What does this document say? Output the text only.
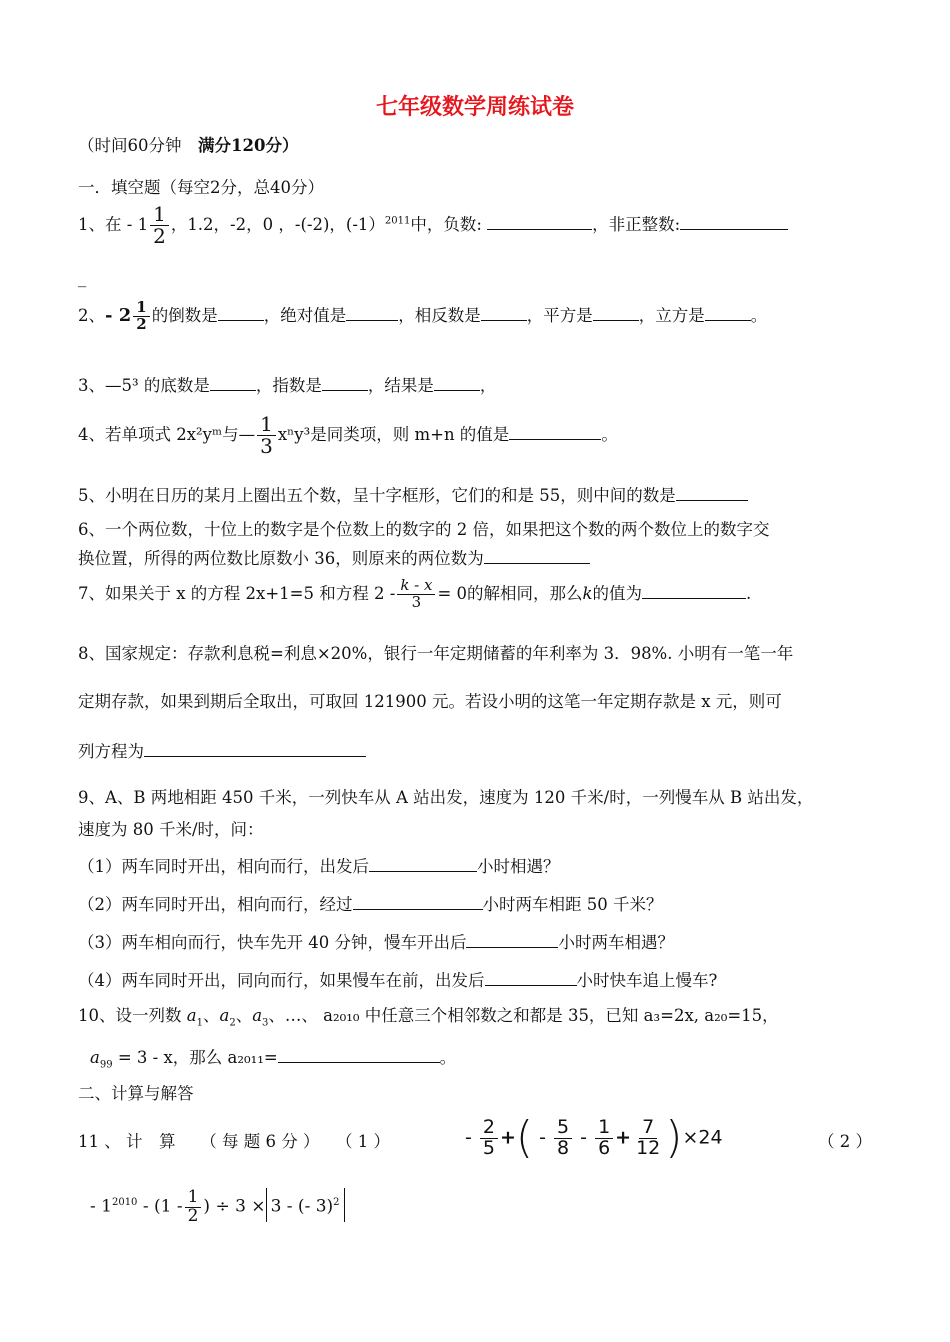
七年级数学周练试卷
（时间60分钟　 满分120分）
一．填空题（每空2分，总40分）
1、在 - $1 \frac{1}{2}$ ，1.2，-2，0 ，-(-2)，(-1）$^{2011}$中，负数:	，非正整数:
_
2、- $2 \frac{1}{2}$ 的倒数是	，绝对值是	，相反数是	，平方是	，立方是	。
3、—5³ 的底数是	，指数是	，结果是	，
4、若单项式 2x²yᵐ与— $\frac{1}{3} x^ny^3$是同类项，则 m+n 的值是	。
5、小明在日历的某月上圈出五个数，呈十字框形，它们的和是 55，则中间的数是
6、一个两位数，十位上的数字是个位数上的数字的 2 倍，如果把这个数的两个数位上的数字交
换位置，所得的两位数比原数小 36，则原来的两位数为
7、如果关于 x 的方程 2x+1=5 和方程 $2 - \frac{k - x}{3} = 0$的解相同，那么k的值为	.
8、国家规定：存款利息税=利息×20%，银行一年定期储蓄的年利率为 3．98%. 小明有一笔一年
定期存款，如果到期后全取出，可取回 121900 元。若设小明的这笔一年定期存款是 x 元，则可
列方程为
9、A、B 两地相距 450 千米，一列快车从 A 站出发，速度为 120 千米/时，一列慢车从 B 站出发，
速度为 80 千米/时，问：
（1）两车同时开出，相向而行，出发后	小时相遇？
（2）两车同时开出，相向而行，经过	小时两车相距 50 千米？
（3）两车相向而行，快车先开 40 分钟，慢车开出后	小时两车相遇？
（4）两车同时开出，同向而行，如果慢车在前，出发后	小时快车追上慢车?
10、设一列数 $a_1$、$a_2$、$a_3$、…、 a₂₀₁₀ 中任意三个相邻数之和都是 35，已知 a₃=2x, a₂₀=15，
$a_{99} = 3 - x$，那么 a₂₀₁₁=	。
二、计算与解答
11 、 计　算　　（ 每 题 6 分 ）　　（ 1 ）	- $\frac{2}{5}$ +( - $\frac{5}{8} - \frac{1}{6} + \frac{7}{12} )\times 24$	（ 2 ）
- $1^{2010} - (1 - \frac{1}{2}$ ) ÷ 3 × 3 - (- 3)$^2$
